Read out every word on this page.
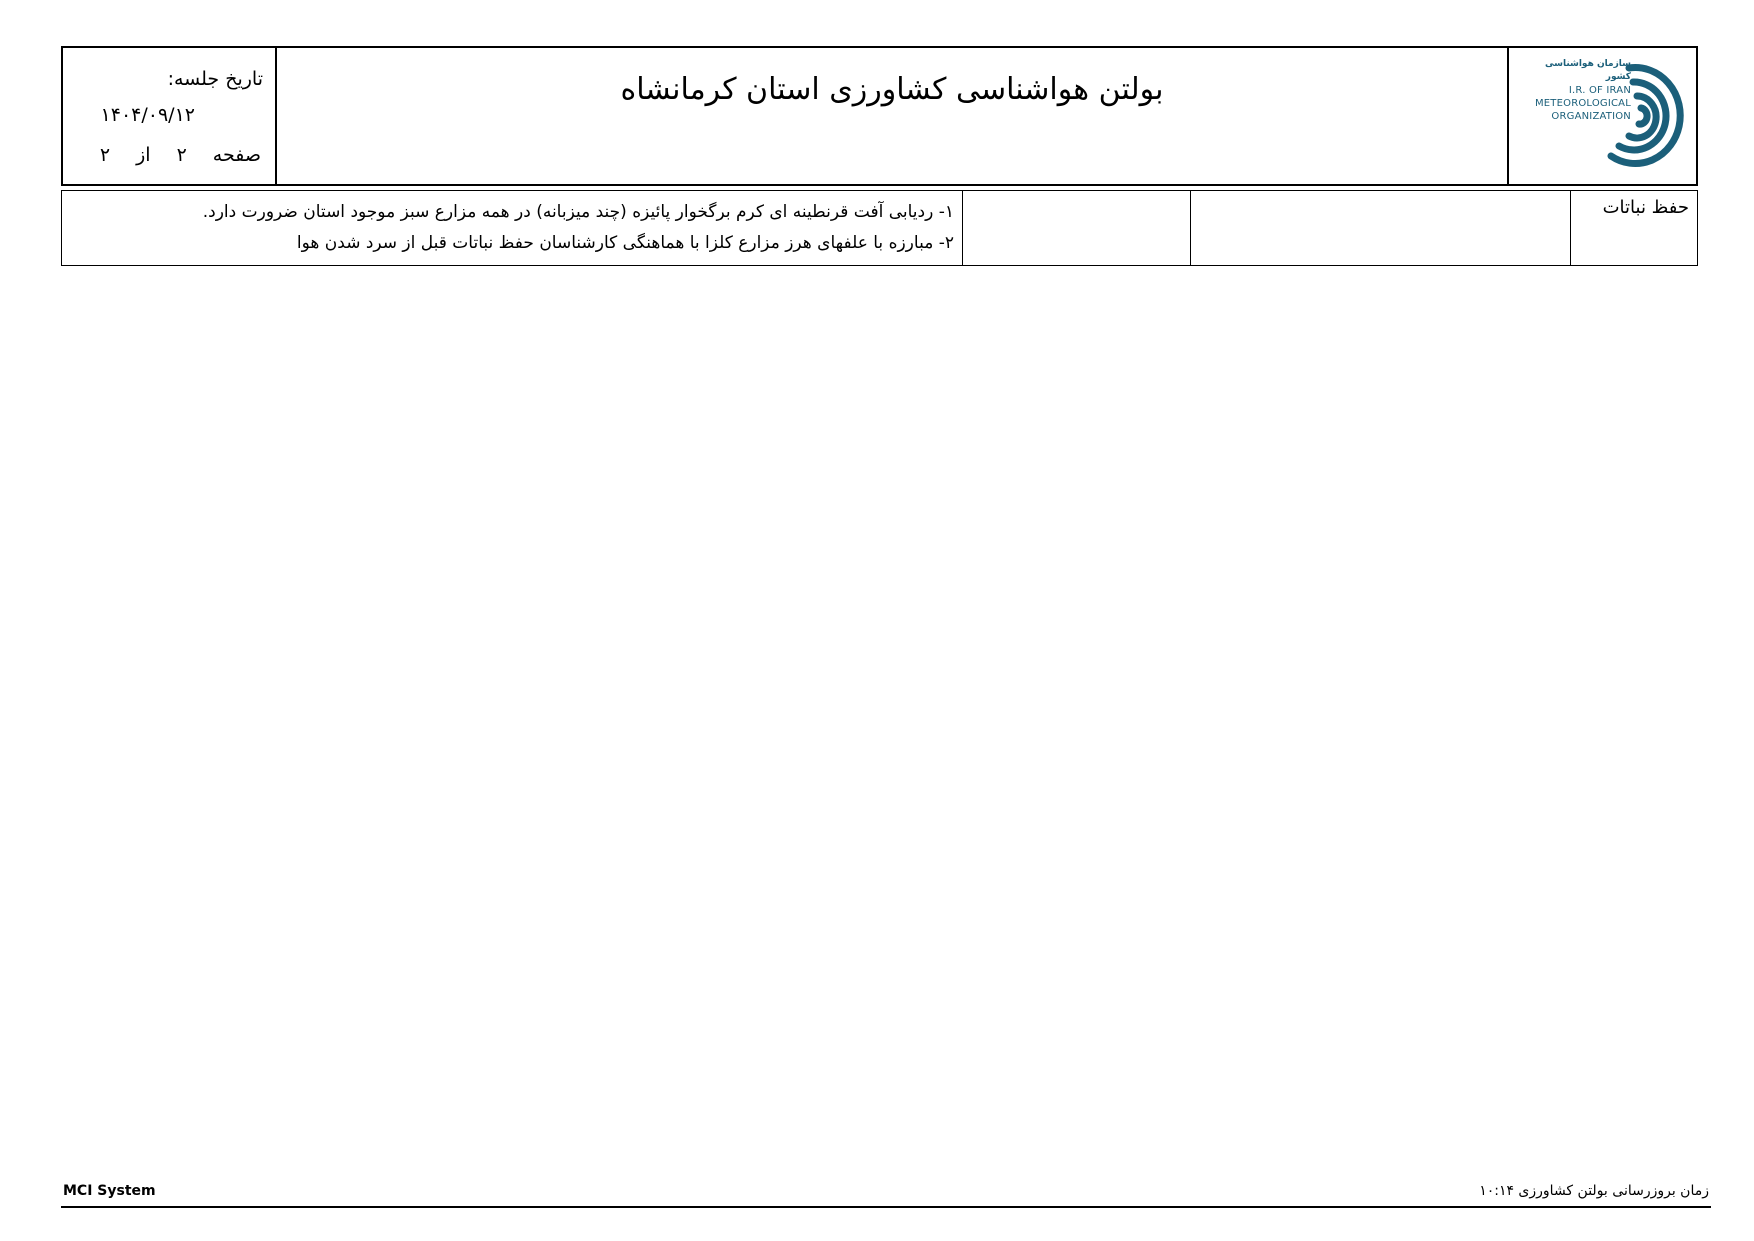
تاریخ جلسه:
۱۴۰۴/۰۹/۱۲
صفحه
۲
از
۲
بولتن هواشناسی کشاورزی استان کرمانشاه
سازمان هواشناسی کشور
I.R. OF IRAN
METEOROLOGICAL
ORGANIZATION
حفظ نباتات			
۱- ردیابی آفت قرنطینه ای کرم برگخوار پائیزه (چند میزبانه) در همه مزارع سبز موجود استان ضرورت دارد.
۲- مبارزه با علفهای هرز مزارع کلزا با هماهنگی کارشناسان حفظ نباتات قبل از سرد شدن هوا
MCI System	زمان بروزرسانی بولتن کشاورزی ۱۰:۱۴
